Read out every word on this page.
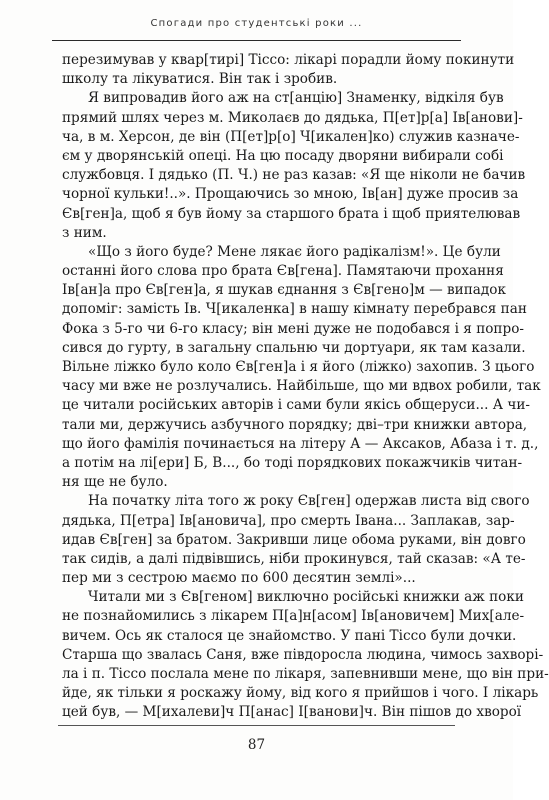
Спогади про студентські роки ...
перезимував у квар[тирі] Тіссо: лікарі порадли йому покинути
школу та лікуватися. Він так і зробив.
Я випровадив його аж на ст[анцію] Знаменку, відкіля був
прямий шлях через м. Миколаєв до дядька, П[ет]р[а] Ів[анови]-
ча, в м. Херсон, де він (П[ет]р[о] Ч[икален]ко) служив казначе-
єм у дворянській опеці. На цю посаду дворяни вибирали собі
службовця. І дядько (П. Ч.) не раз казав: «Я ще ніколи не бачив
чорної кульки!..». Прощаючись зо мною, Ів[ан] дуже просив за
Єв[ген]а, щоб я був йому за старшого брата і щоб приятелював
з ним.
«Що з його буде? Мене лякає його радікалізм!». Це були
останні його слова про брата Єв[гена]. Памятаючи прохання
Ів[ан]а про Єв[ген]а, я шукав єднання з Єв[гено]м — випадок
допоміг: замість Ів. Ч[икаленка] в нашу кімнату перебрався пан
Фока з 5-го чи 6-го класу; він мені дуже не подобався і я попро-
сився до гурту, в загальну спальню чи дортуари, як там казали.
Вільне ліжко було коло Єв[ген]а і я його (ліжко) захопив. З цього
часу ми вже не розлучались. Найбільше, що ми вдвох робили, так
це читали російських авторів і сами були якісь общеруси... А чи-
тали ми, держучись азбучного порядку; дві–три книжки автора,
що його фамілія починається на літеру А — Аксаков, Абаза і т. д.,
а потім на лі[ери] Б, В..., бо тоді порядкових покажчиків читан-
ня ще не було.
На початку літа того ж року Єв[ген] одержав листа від свого
дядька, П[етра] Ів[ановича], про смерть Івана... Заплакав, зар-
идав Єв[ген] за братом. Закривши лице обома руками, він довго
так сидів, а далі підвівшись, ніби прокинувся, тай сказав: «А те-
пер ми з сестрою маємо по 600 десятин землі»...
Читали ми з Єв[геном] виключно російські книжки аж поки
не познайомились з лікарем П[а]н[асом] Ів[ановичем] Мих[але-
вичем. Ось як сталося це знайомство. У пані Тіссо були дочки.
Старша що звалась Саня, вже півдоросла людина, чимось захворі-
ла і п. Тіссо послала мене по лікаря, запевнивши мене, що він при-
йде, як тільки я роскажу йому, від кого я прийшов і чого. І лікарь
цей був, — М[ихалеви]ч П[анас] І[ванови]ч. Він пішов до хворої
87
